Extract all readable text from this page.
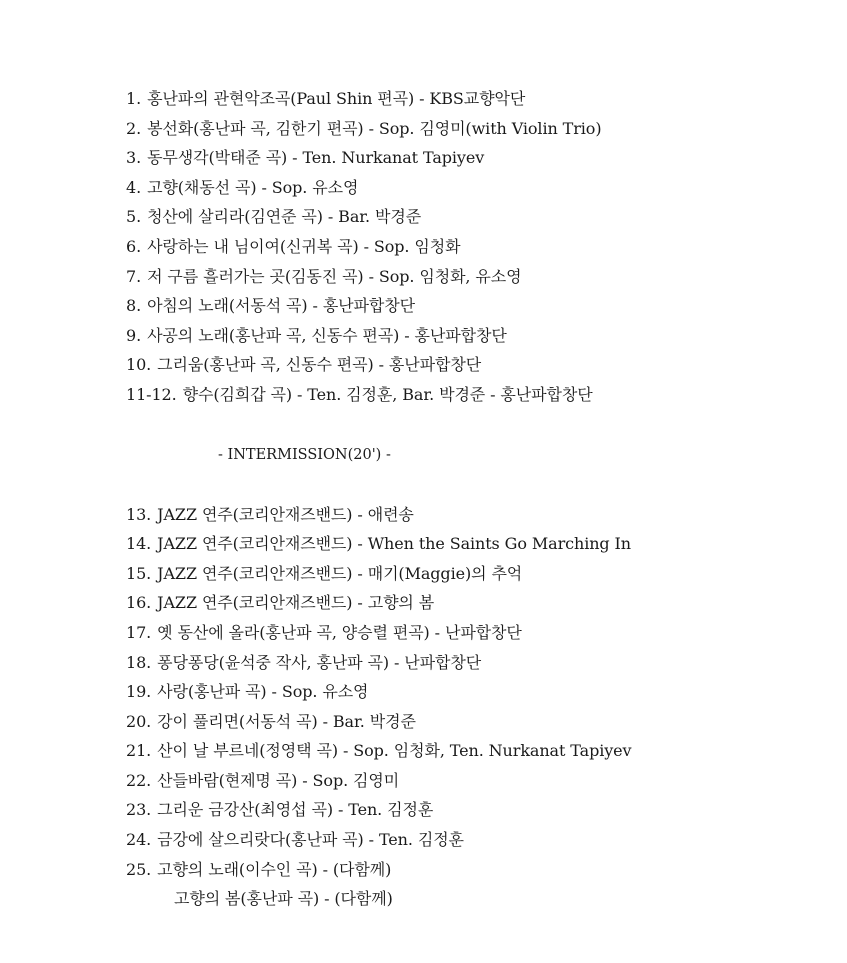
1. 홍난파의 관현악조곡(Paul Shin 편곡) - KBS교향악단
2. 봉선화(홍난파 곡, 김한기 편곡) - Sop. 김영미(with Violin Trio)
3. 동무생각(박태준 곡) - Ten. Nurkanat Tapiyev
4. 고향(채동선 곡) - Sop. 유소영
5. 청산에 살리라(김연준 곡) - Bar. 박경준
6. 사랑하는 내 님이여(신귀복 곡) - Sop. 임청화
7. 저 구름 흘러가는 곳(김동진 곡) - Sop. 임청화, 유소영
8. 아침의 노래(서동석 곡) - 홍난파합창단
9. 사공의 노래(홍난파 곡, 신동수 편곡) - 홍난파합창단
10. 그리움(홍난파 곡, 신동수 편곡) - 홍난파합창단
11-12. 향수(김희갑 곡) - Ten. 김정훈, Bar. 박경준 - 홍난파합창단
- INTERMISSION(20') -
13. JAZZ 연주(코리안재즈밴드) - 애련송
14. JAZZ 연주(코리안재즈밴드) - When the Saints Go Marching In
15. JAZZ 연주(코리안재즈밴드) - 매기(Maggie)의 추억
16. JAZZ 연주(코리안재즈밴드) - 고향의 봄
17. 옛 동산에 올라(홍난파 곡, 양승렬 편곡) - 난파합창단
18. 퐁당퐁당(윤석중 작사, 홍난파 곡) - 난파합창단
19. 사랑(홍난파 곡) - Sop. 유소영
20. 강이 풀리면(서동석 곡) - Bar. 박경준
21. 산이 날 부르네(정영택 곡) - Sop. 임청화, Ten. Nurkanat Tapiyev
22. 산들바람(현제명 곡) - Sop. 김영미
23. 그리운 금강산(최영섭 곡) - Ten. 김정훈
24. 금강에 살으리랏다(홍난파 곡) - Ten. 김정훈
25. 고향의 노래(이수인 곡) - (다함께)
고향의 봄(홍난파 곡) - (다함께)
